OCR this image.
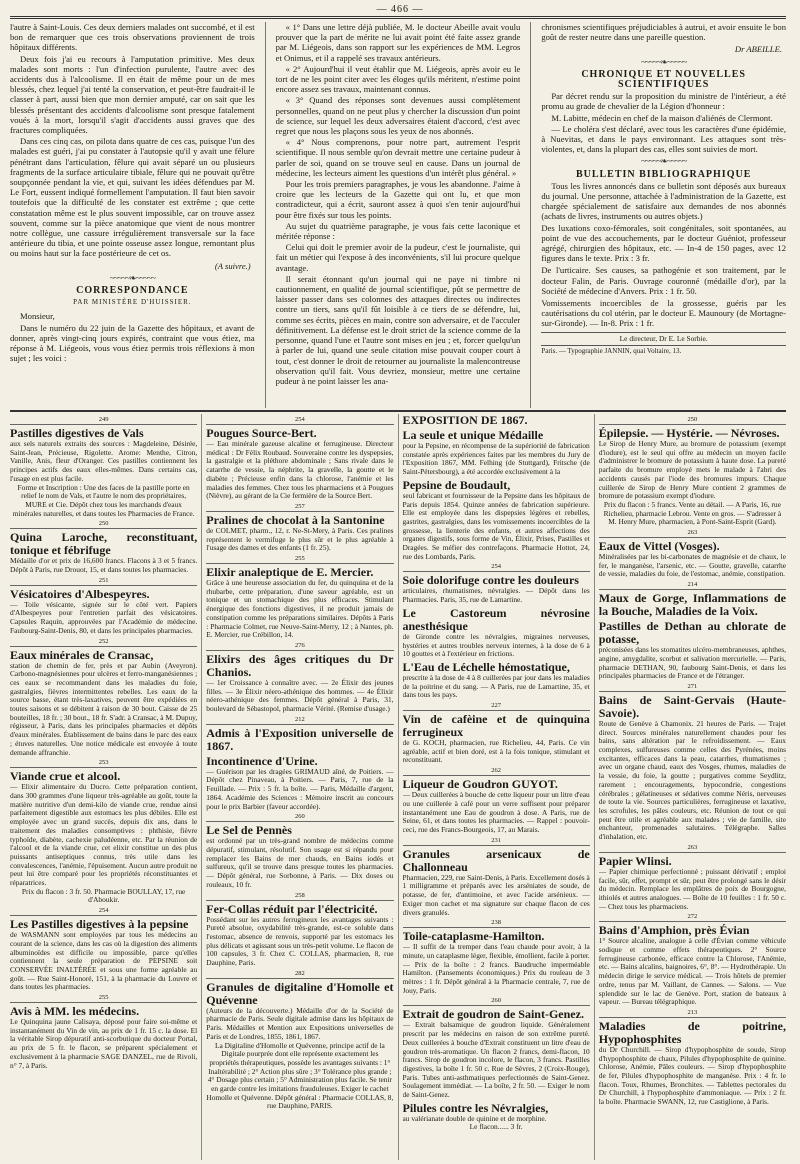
— 466 —

l'autre à Saint-Louis. Ces deux derniers malades ont succombé, et il est bon de remarquer que ces trois observations proviennent de trois hôpitaux différents.

Deux fois j'ai eu recours à l'amputation primitive. Mes deux malades sont morts : l'un d'infection purulente, l'autre avec des accidents dus à l'alcoolisme. Il en était de même pour un de mes blessés, chez lequel j'ai tenté la conservation, et peut-être faudrait-il le classer à part, aussi bien que mon dernier amputé, car on sait que les blessés présentant des accidents d'alcoolisme sont presque fatalement voués à la mort, lorsqu'il s'agit d'accidents aussi graves que des fractures compliquées.

Dans ces cinq cas, on pilota dans quatre de ces cas, puisque l'un des malades est guéri, j'ai pu constater à l'autopsie qu'il y avait une félure pénétrant dans l'articulation, fêlure qui avait séparé un ou plusieurs fragments de la surface articulaire tibiale, fêlure qui ne pouvait qu'être soupçonnée pendant la vie, et qui, suivant les idées défendues par M. Le Fort, eussent indiqué formellement l'amputation. Il faut bien savoir toutefois que la difficulté de les constater est extrême ; que cette constatation même est le plus souvent impossible, car on trouve assez souvent, comme sur la pièce anatomique que vient de nous montrer notre collègue, une cassure irrégulièrement transversale sur la face antérieure du tibia, et une pointe osseuse assez longue, remontant plus ou moins haut sur la face postérieure de cet os.

(A suivre.)
~~~~~❧~~~~~
CORRESPONDANCE
PAR MINISTÈRE D'HUISSIER.

Monsieur,

Dans le numéro du 22 juin de la Gazette des hôpitaux, et avant de donner, après vingt-cinq jours expirés, contraint que vous étiez, ma réponse à M. Liégeois, vous vous étiez permis trois réflexions à mon sujet ; les voici :

« 1° Dans une lettre déjà publiée, M. le docteur Abeille avait voulu prouver que la part de mérite ne lui avait point été faite assez grande par M. Liégeois, dans son rapport sur les expériences de MM. Legros et Onimus, et il a rappelé ses travaux antérieurs.

« 2° Aujourd'hui il veut établir que M. Liégeois, après avoir eu le tort de ne les point citer avec les éloges qu'ils méritent, n'estime point encore assez ses travaux, maintenant connus.

« 3° Quand des réponses sont devenues aussi complètement personnelles, quand on ne peut plus y chercher la discussion d'un point de science, sur lequel les deux adversaires étaient d'accord, c'est avec regret que nous les plaçons sous les yeux de nos abonnés.

« 4° Nous comprenons, pour notre part, autrement l'esprit scientifique. Il nous semble qu'on devrait mettre une certaine pudeur à parler de soi, quand on se trouve seul en cause. Dans un journal de médecine, les lecteurs aiment les questions d'un intérêt plus général. »

Pour les trois premiers paragraphes, je vous les abandonne. J'aime à croire que les lecteurs de la Gazette qui ont lu, et que mon contradicteur, qui a écrit, sauront assez à quoi s'en tenir aujourd'hui pour être fixés sur tous les points.

Au sujet du quatrième paragraphe, je vous fais cette laconique et méritée réponse :

Celui qui doit le premier avoir de la pudeur, c'est le journaliste, qui fait un métier qui l'expose à des inconvénients, s'il lui procure quelque avantage.

Il serait étonnant qu'un journal qui ne paye ni timbre ni cautionnement, en qualité de journal scientifique, pût se permettre de laisser passer dans ses colonnes des attaques directes ou indirectes contre un tiers, sans qu'il fût loisible à ce tiers de se défendre, lui, comme ses écrits, pièces en main, contre son adversaire, et de l'acculer définitivement. La défense est le droit strict de la science comme de la personne, quand l'une et l'autre sont mises en jeu ; et, forcer quelqu'un à parler de lui, quand une seule citation mise pouvait couper court à tout, c'est donner le droit de retourner au journaliste la malencontreuse observation qu'il fait. Vous devriez, monsieur, mettre une certaine pudeur à ne point laisser les ana-

chronismes scientifiques préjudiciables à autrui, et avoir ensuite le bon goût de rester neutre dans une pareille question.

Dr ABEILLE.
~~~~~❧~~~~~
CHRONIQUE ET NOUVELLES SCIENTIFIQUES

Par décret rendu sur la proposition du ministre de l'intérieur, a été promu au grade de chevalier de la Légion d'honneur :

M. Labitte, médecin en chef de la maison d'aliénés de Clermont.

— Le choléra s'est déclaré, avec tous les caractères d'une épidémie, à Nuevitas, et dans le pays environnant. Les attaques sont très-violentes, et, dans la plupart des cas, elles sont suivies de mort.

~~~~~❧~~~~~
BULLETIN BIBLIOGRAPHIQUE

Tous les livres annoncés dans ce bulletin sont déposés aux bureaux du journal. Une personne, attachée à l'administration de la Gazette, est chargée spécialement de satisfaire aux demandes de nos abonnés (achats de livres, instruments ou autres objets.)

Des luxations coxo-fémorales, soit congénitales, soit spontanées, au point de vue des accouchements, par le docteur Guéniot, professeur agrégé, chirurgien des hôpitaux, etc. — In-4 de 150 pages, avec 12 figures dans le texte. Prix : 3 fr.

De l'urticaire. Ses causes, sa pathogénie et son traitement, par le docteur Falin, de Paris. Ouvrage couronné (médaille d'or), par la Société de médecine d'Anvers. Prix : 1 fr. 50.

Vomissements incoercibles de la grossesse, guéris par les cautérisations du col utérin, par le docteur E. Maunoury (de Mortagne-sur-Gironde). — In-8. Prix : 1 fr.

Le directeur, Dr E. Le Sorbie.
Paris. — Typographie JANNIN, quai Voltaire, 13.
249

Pastilles digestives de Vals

aux sels naturels extraits des sources : Magdeleine, Désirée, Saint-Jean, Précieuse, Rigolette. Arome: Menthe, Citron, Vanille, Anis, fleur d'Oranger. Ces pastilles contiennent les principes actifs des eaux elles-mêmes. Dans certains cas, l'usage en est plus facile.

Forme et Inscription : Une des faces de la pastille porte en relief le nom de Vals, et l'autre le nom des propriétaires, MURE et Cie. Dépôt chez tous les marchands d'eaux minérales naturelles, et dans toutes les Pharmacies de France.

250

Quina Laroche, reconstituant, tonique et fébrifuge

Médaille d'or et prix de 16,600 francs. Flacons à 3 et 5 francs. Dépôt à Paris, rue Drouot, 15, et dans toutes les pharmacies.

251

Vésicatoires d'Albespeyres.

— Toile vésicante, signée sur le côté vert. Papiers d'Albespeyres pour l'entretien parfait des vésicatoires. Capsules Raquin, approuvées par l'Académie de médecine. Faubourg-Saint-Denis, 80, et dans les principales pharmacies.

252

Eaux minérales de Cransac,

station de chemin de fer, près et par Aubin (Aveyron). Carbono-magnésiennes pour ulcères et ferro-manganésiennes ; ces eaux se recommandent dans les maladies du foie, gastralgies, fièvres intermittentes rebelles. Les eaux de la source basse, étant très-laxatives, peuvent être expédiées en toutes saisons et se débitent à raison de 30 bout. Caisse de 25 bouteilles, 18 fr. ; 30 bout., 18 fr. S'adr. à Cransac, à M. Dupuy, régisseur, à Paris, dans les principales pharmacies et dépôts d'eaux minérales. Établissement de bains dans le parc des eaux ; étuves naturelles. Une notice médicale est envoyée à toute demande affranchie.

253

Viande crue et alcool.

— Elixir alimentaire du Ducro. Cette préparation contient, dans 300 grammes d'une liqueur très-agréable au goût, toute la matière nutritive d'un demi-kilo de viande crue, rendue ainsi parfaitement digestible aux estomacs les plus débiles. Elle est employée avec un grand succès, depuis dix ans, dans le traitement des maladies consomptives : phthisie, fièvre typhoïde, diabète, cachexie paludéenne, etc. Par la réunion de l'alcool et de la viande crue, cet elixir constitue un des plus puissants antiseptiques connus, très utile dans les convalescences, l'anémie, l'épuisement. Aucun autre produit ne peut lui être comparé pour les propriétés réconstituantes et réparatrices.

Prix du flacon : 3 fr. 50. Pharmacie BOULLAY, 17, rue d'Aboukir.

254

Les Pastilles digestives à la pepsine

de WASMANN sont employées par tous les médecins au courant de la science, dans les cas où la digestion des aliments albuminoïdes est difficile ou impossible, parce qu'elles contiennent la seule préparation de PEPSINE soit CONSERVÉE INALTÉRÉE et sous une forme agréable au goût. — Rue Saint-Honoré, 151, à la pharmacie du Louvre et dans toutes les pharmacies.

255

Avis à MM. les médecins.

Le Quinquina jaune Calisaya, déposé pour faire soi-même et instantanément du Vin de vin, au prix de 1 fr. 15 c. la dose. El la véritable Sirop dépuratif anti-scorbutique du docteur Portal, au prix de 5 fr. le flacon, se préparent spécialement et exclusivement à la pharmacie SAGE DANZEL, rue de Rivoli, n° 7, à Paris.

254

Pougues Source-Bert.

— Eau minérale gazeuse alcaline et ferrugineuse. Directeur médical : Dr Félix Roubaud. Souveraine contre les dyspepsies, la gastralgie et la pléthore abdominale ; Sans rivale dans le catarrhe de vessie, la néphrite, la gravelle, la goutte et le diabète ; Précieuse enfin dans la chlorose, l'anémie et les maladies des femmes. Chez tous les pharmaciens et à Pougues (Nièvre), au gérant de la Cie fermière de la Source Bert.

257

Pralines de chocolat à la Santonine

de COLMET, pharm., 12, r. Ne-St-Mery, à Paris. Ces pralines représentent le vermifuge le plus sûr et le plus agréable à l'usage des dames et des enfants (1 fr. 25).

255

Elixir analeptique de E. Mercier.

Grâce à une heureuse association du fer, du quinquina et de la rhubarbe, cette préparation, d'une saveur agréable, est un tonique et un stomachique des plus efficaces. Stimulant énergique des fonctions digestives, il ne produit jamais de constipation comme les préparations similaires. Dépôts à Paris : Pharmacie Colmet, rue Neuve-Saint-Merry, 12 ; à Nantes, ph. E. Mercier, rue Crébillon, 14.

276

Elixirs des âges critiques du Dr Chanios.

— 1er Croissance à connaître avec. — 2e Élixir des jeunes filles. — 3e Élixir néero-athénique des hommes. — 4e Élixir néero-athénique des femmes. Dépôt général à Paris, 31, boulevard de Sébastopol, pharmacie Vérité. (Remise d'usage.)

212

Admis à l'Exposition universelle de 1867.

Incontinence d'Urine.

— Guérison par les dragées GRIMAUD aîné, de Poitiers. — Dépôt chez Pinaveau, à Poitiers. — Paris, 7, rue de la Feuillade. — Prix : 5 fr. la boîte. — Paris, Médaille d'argent, 1864. Académie des Sciences : Mémoire inscrit au concours pour le prix Barbier (faveur accordée).

260

Le Sel de Pennès

est ordonné par un très-grand nombre de médecins comme dépuratif, stimulant, résolutif. Son usage est si répandu pour remplacer les Bains de mer chauds, en Bains iodés et sulfureux, qu'il se trouve dans presque toutes les pharmacies. — Dépôt général, rue Sorbonne, à Paris. — Dix doses ou rouleaux, 10 fr.

258

Fer-Collas réduit par l'électricité.

Possédant sur les autres ferrugineux les avantages suivants : Pureté absolue, oxydabilité très-grande, est-ce soluble dans l'estomac, absence de renvois, supporté par les estomacs les plus délicats et agissant sous un très-petit volume. Le flacon de 100 capsules, 3 fr. Chez C. COLLAS, pharmacien, 8, rue Dauphine, Paris.

282

Granules de digitaline d'Homolle et Quévenne

(Auteurs de la découverte.) Médaille d'or de la Société de pharmacie de Paris. Seule digitale admise dans les hôpitaux de Paris. Médailles et Mention aux Expositions universelles de Paris et de Londres, 1855, 1861, 1867.

La Digitaline d'Homolle et Quévenne, principe actif de la Digitale pourprée dont elle représente exactement les propriétés thérapeutiques, possède les avantages suivants : 1° Inaltérabilité ; 2° Action plus sûre ; 3° Tolérance plus grande ; 4° Dosage plus certain ; 5° Administration plus facile. Se tenir en garde contre les imitations frauduleuses. Exiger le cachet Homolle et Quévenne. Dépôt général : Pharmacie COLLAS, 8, rue Dauphine, PARIS.

EXPOSITION DE 1867.

La seule et unique Médaille

pour la Pepsine, en récompense de la supériorité de fabrication constatée après expériences faites par les membres du Jury de l'Exposition 1867, MM. Felhing (de Stuttgard), Fritsche (de Saint-Pétersbourg), a été accordée exclusivement à la

Pepsine de Boudault,

seul fabricant et fournisseur de la Pepsine dans les hôpitaux de Paris depuis 1854. Quinze années de fabrication supérieure. Elle est employée dans les dispepsies légères et rebelles, gastrites, gastralgies, dans les vomissements incoercibles de la grossesse, la lienterie des enfants, et autres affections des organes digestifs, sous forme de Vin, Élixir, Prises, Pastilles et Dragées. Se méfier des contrefaçons. Pharmacie Hottot, 24, rue des Lombards, Paris.

254

Soie dolorifuge contre les douleurs

articulaires, rhumatismes, névralgies. — Dépôt dans les Pharmacies. Paris, 35, rue de Lamartine.

Le Castoreum névrosine anesthésique

de Gironde contre les névralgies, migraines nerveuses, hystéries et autres troubles nerveux internes, à la dose de 6 à 10 gouttes et à l'extérieur en frictions.

L'Eau de Léchelle hémostatique,

prescrite à la dose de 4 à 8 cuillerées par jour dans les maladies de la poitrine et du sang. — A Paris, rue de Lamartine, 35, et dans tous les pays.

227

Vin de cafèine et de quinquina ferrugineux

de G. KOCH, pharmacien, rue Richelieu, 44, Paris. Ce vin agréable, actif et bien doré, est à la fois tonique, stimulant et reconstituant.

262

Liqueur de Goudron GUYOT.

— Deux cuillerées à bouche de cette liqueur pour un litre d'eau ou une cuillerée à café pour un verre suffisent pour préparer instantanément une Eau de goudron à dose. A Paris, rue de Seine, 61, et dans toutes les pharmacies. — Rappel : pouvoir-ceci, rue des Francs-Bourgeois, 17, au Marais.

231

Granules arsenicaux de Challonneau

Pharmacien, 229, rue Saint-Denis, à Paris. Excellement dosés à 1 milligramme et préparés avec les arséniates de soude, de potasse, de fer, d'antimoine, et avec l'acide arsénieux. — Exiger mon cachet et ma signature sur chaque flacon de ces divers granulés.

238

Toile-cataplasme-Hamilton.

— Il suffit de la tremper dans l'eau chaude pour avoir, à la minute, un cataplasme léger, flexible, émollient, facile à porter. — Prix de la boîte : 2 francs. Baudruche imperméable Hamilton. (Pansements économiques.) Prix du rouleau de 3 mètres : 1 fr. Dépôt général à la Pharmacie centrale, 7, rue de Jouy, Paris.

260

Extrait de goudron de Saint-Genez.

— Extrait balsamique de goudron liquide. Généralement prescrit par les médecins en raison de son extrême pureté. Deux cuillerées à bouche d'Extrait constituent un litre d'eau de goudron très-aromatique. Un flacon 2 francs, demi-flacon, 10 francs. Sirop de goudron incolore, le flacon, 3 francs. Pastilles digestives, la boîte 1 fr. 50 c. Rue de Sèvres, 2 (Croix-Rouge), Paris. Tubes anti-asthmatiques perfectionnés de Saint-Genez. Soulagement immédiat. — La boîte, 2 fr. 50. — Exiger le nom de Saint-Genez.

Pilules contre les Névralgies,

au valérianate double de quinine et de morphine.

Le flacon...... 3 fr.

250

Épilepsie. — Hystérie. — Névroses.

Le Sirop de Henry Mure, au bromure de potassium (exempt d'iodure), est le seul qui offre au médecin un moyen facile d'administrer le bromure de potassium à haute dose. La pureté parfaite du bromure employé mets le malade à l'abri des accidents causés par l'iode des bromures impurs. Chaque cuillerée de Sirop de Henry Mure contient 2 grammes de bromure de potassium exempt d'iodure.

Prix du flacon : 5 francs. Vente au détail. — A Paris, 16, rue Richelieu, pharmacie Lebrou. Vente en gros. — S'adresser à M. Henry Mure, pharmacien, à Pont-Saint-Esprit (Gard).

263

Eaux de Vittel (Vosges).

Minéralisées par les bi-carbonates de magnésie et de chaux, le fer, le manganèse, l'arsenic, etc. — Goutte, gravelle, catarrhe de vessie, maladies du foie, de l'estomac, anémie, constipation.

214

Maux de Gorge, Inflammations de la Bouche, Maladies de la Voix.

Pastilles de Dethan au chlorate de potasse,

préconisées dans les stomatites ulcéro-membraneuses, aphthes, angine, amygdalite, scorbut et salivation mercurielle. — Paris, pharmacie DETHAN, 90, faubourg Saint-Denis, et dans les principales pharmacies de France et de l'étranger.

271

Bains de Saint-Gervais (Haute-Savoie).

Route de Genève à Chamonix. 21 heures de Paris. — Trajet direct. Sources minérales naturellement chaudes pour les bains, sans altération par le refroidissement. — Eaux complexes, sulfureuses comme celles des Pyrénées, moins excitantes, efficaces dans la peau, catarrhes, rhumatismes ; avec un organe chaud, eaux des Vosges, rhumes, maladies de la vessie, du foie, la goutte ; purgatives comme Seydlitz, rarement ; encouragements, hypocondrie, congestions cérébrales ; gélatineuses et sédatives comme Néris, nerveuses de toute la vie. Sources particulières, ferrugineuse et laxative, les scrofules, les pâles couleurs, etc. Réunion de tout ce qui peut être utile et agréable aux malades ; vie de famille, site enchanteur, promenades salutaires. Télégraphe. Salles d'inhalation, etc.

263

Papier Wlinsi.

— Papier chimique perfectionné ; puissant dérivatif ; emploi facile, sûr, effet, prompt et sûr, peut être prolongé sans le désir du médecin. Remplace les emplâtres de poix de Bourgogne, ithiolés et autres analogues. — Boîte de 10 feuilles : 1 fr. 50 c. — Chez tous les pharmaciens.

272

Bains d'Amphion, près Évian

1° Source alcaline, analogue à celle d'Évian comme véhicule sodique et comme effets thérapeutiques. 2° Source ferrugineuse carbonée, efficace contre la Chlorose, l'Anémie, etc. — Bains alcalins, baignoires, 6°, 8°. — Hydrothérapie. Un médecin dirige le service médical. — Trois hôtels de premier ordre, tenus par M. Vaillant, de Cannes. — Salons. — Vue splendide sur le lac de Genève. Port, station de bateaux à vapeur. — Bureau télégraphique.

213

Maladies de poitrine, Hypophosphites

du Dr Churchill. — Sirop d'hypophosphite de soude, Sirop d'hypophosphite de chaux, Pilules d'hypophosphite de quinine. Chlorose, Anémie, Pâles couleurs. — Sirop d'hypophosphite de fer, Pilules d'hypophosphite de manganèse. Prix : 4 fr. le flacon. Toux, Rhumes, Bronchites. — Tablettes pectorales du Dr Churchill, à l'hypophosphite d'ammoniaque. — Prix : 2 fr. la boîte. Pharmacie SWANN, 12, rue Castiglione, à Paris.
